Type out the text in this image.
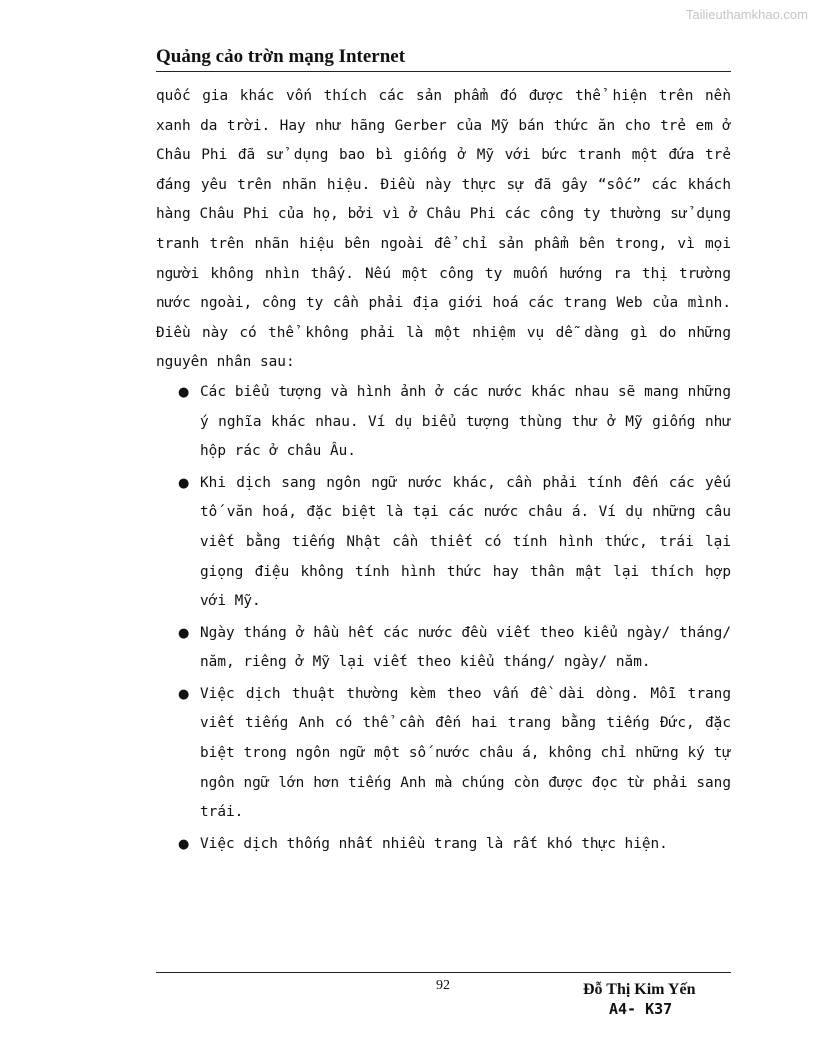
Tailieuthamkhao.com
Quảng cảo trờn mạng Internet

quốc gia khác vốn thích các sản phẩm đó được thể hiện trên nền xanh da trời. Hay như hãng Gerber của Mỹ bán thức ăn cho trẻ em ở Châu Phi đã sử dụng bao bì giống ở Mỹ với bức tranh một đứa trẻ đáng yêu trên nhãn hiệu. Điều này thực sự đã gây “sốc” các khách hàng Châu Phi của họ, bởi vì ở Châu Phi các công ty thường sử dụng tranh trên nhãn hiệu bên ngoài để chỉ sản phẩm bên trong, vì mọi người không nhìn thấy. Nếu một công ty muốn hướng ra thị trường nước ngoài, công ty cần phải địa giới hoá các trang Web của mình. Điều này có thể không phải là một nhiệm vụ dễ dàng gì do những nguyên nhân sau:

● Các biểu tượng và hình ảnh ở các nước khác nhau sẽ mang những ý nghĩa khác nhau. Ví dụ biểu tượng thùng thư ở Mỹ giống như hộp rác ở châu Âu.
● Khi dịch sang ngôn ngữ nước khác, cần phải tính đến các yếu tố văn hoá, đặc biệt là tại các nước châu á. Ví dụ những câu viết bằng tiếng Nhật cần thiết có tính hình thức, trái lại giọng điệu không tính hình thức hay thân mật lại thích hợp với Mỹ.
● Ngày tháng ở hầu hết các nước đều viết theo kiểu ngày/ tháng/ năm, riêng ở Mỹ lại viết theo kiểu tháng/ ngày/ năm.
● Việc dịch thuật thường kèm theo vấn đề dài dòng. Mỗi trang viết tiếng Anh có thể cần đến hai trang bằng tiếng Đức, đặc biệt trong ngôn ngữ một số nước châu á, không chỉ những ký tự ngôn ngữ lớn hơn tiếng Anh mà chúng còn được đọc từ phải sang trái.
● Việc dịch thống nhất nhiều trang là rất khó thực hiện.
92	Đỗ Thị Kim Yến
A4- K37
